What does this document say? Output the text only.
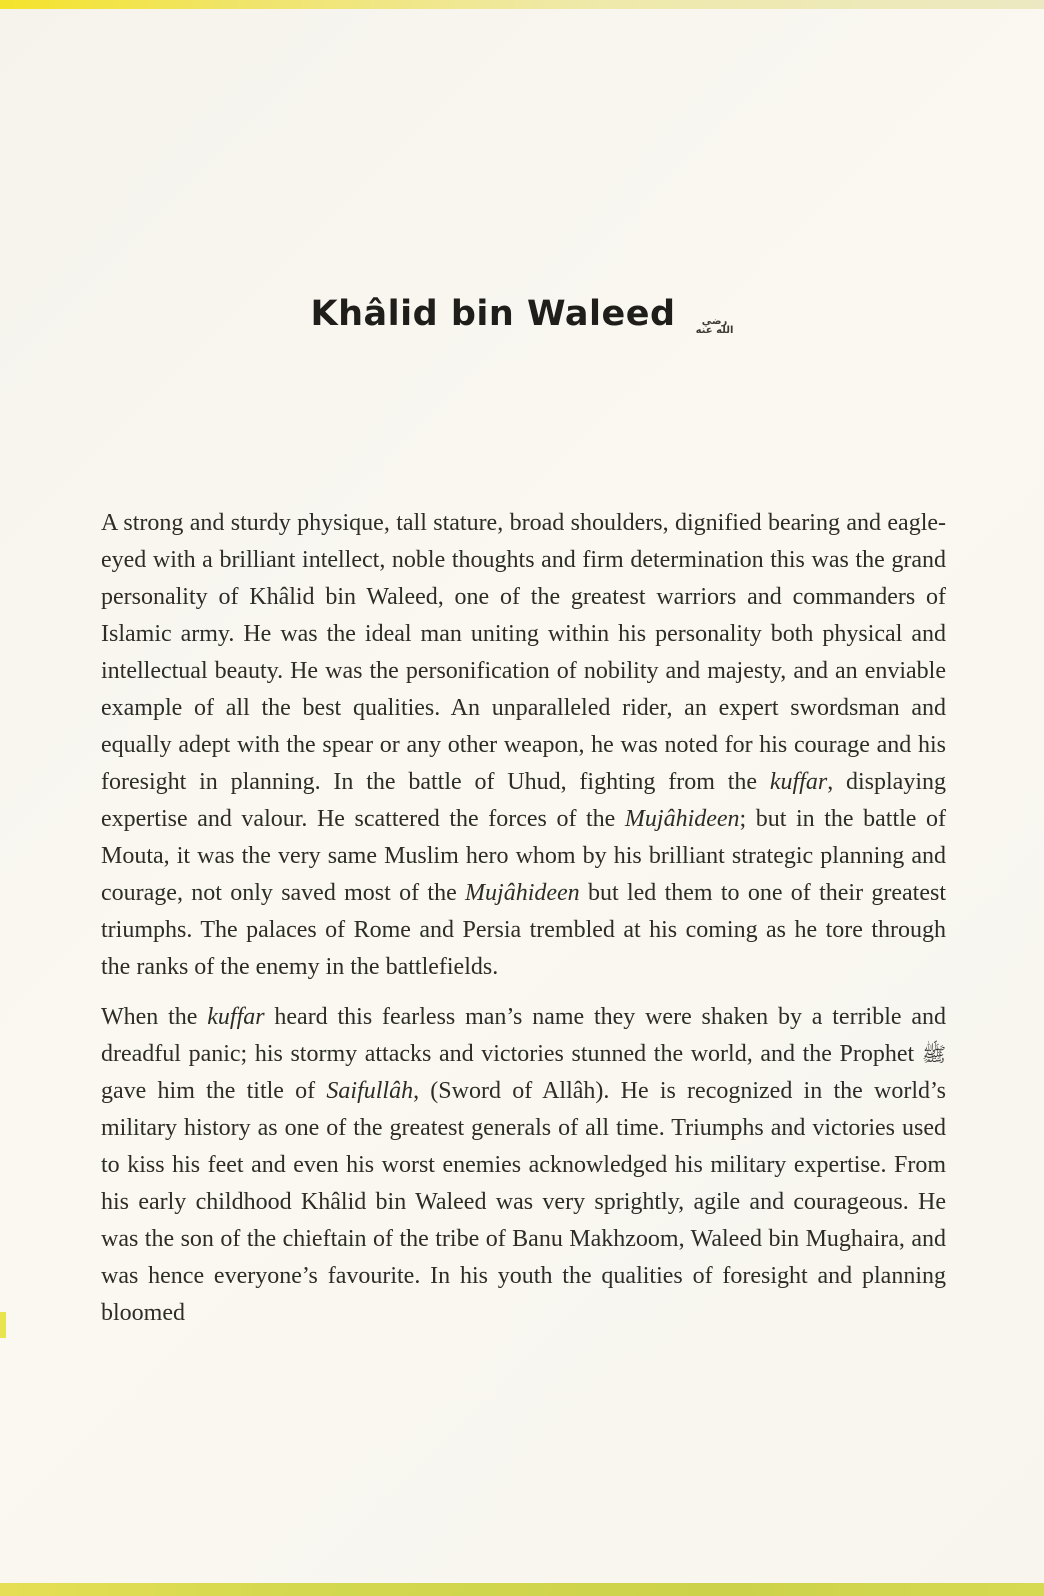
Khâlid bin Waleed	رضي الله عنه

A strong and sturdy physique, tall stature, broad shoulders, dignified bearing and eagle-eyed with a brilliant intellect, noble thoughts and firm determination this was the grand personality of Khâlid bin Waleed, one of the greatest warriors and commanders of Islamic army. He was the ideal man uniting within his personality both physical and intellectual beauty. He was the personification of nobility and majesty, and an enviable example of all the best qualities. An unparalleled rider, an expert swordsman and equally adept with the spear or any other weapon, he was noted for his courage and his foresight in planning. In the battle of Uhud, fighting from the kuffar, displaying expertise and valour. He scattered the forces of the Mujâhideen; but in the battle of Mouta, it was the very same Muslim hero whom by his brilliant strategic planning and courage, not only saved most of the Mujâhideen but led them to one of their greatest triumphs. The palaces of Rome and Persia trembled at his coming as he tore through the ranks of the enemy in the battlefields.

When the kuffar heard this fearless man’s name they were shaken by a terrible and dreadful panic; his stormy attacks and victories stunned the world, and the Prophet ﷺ gave him the title of Saifullâh, (Sword of Allâh). He is recognized in the world’s military history as one of the greatest generals of all time. Triumphs and victories used to kiss his feet and even his worst enemies acknowledged his military expertise. From his early childhood Khâlid bin Waleed was very sprightly, agile and courageous. He was the son of the chieftain of the tribe of Banu Makhzoom, Waleed bin Mughaira, and was hence everyone’s favourite. In his youth the qualities of foresight and planning bloomed
